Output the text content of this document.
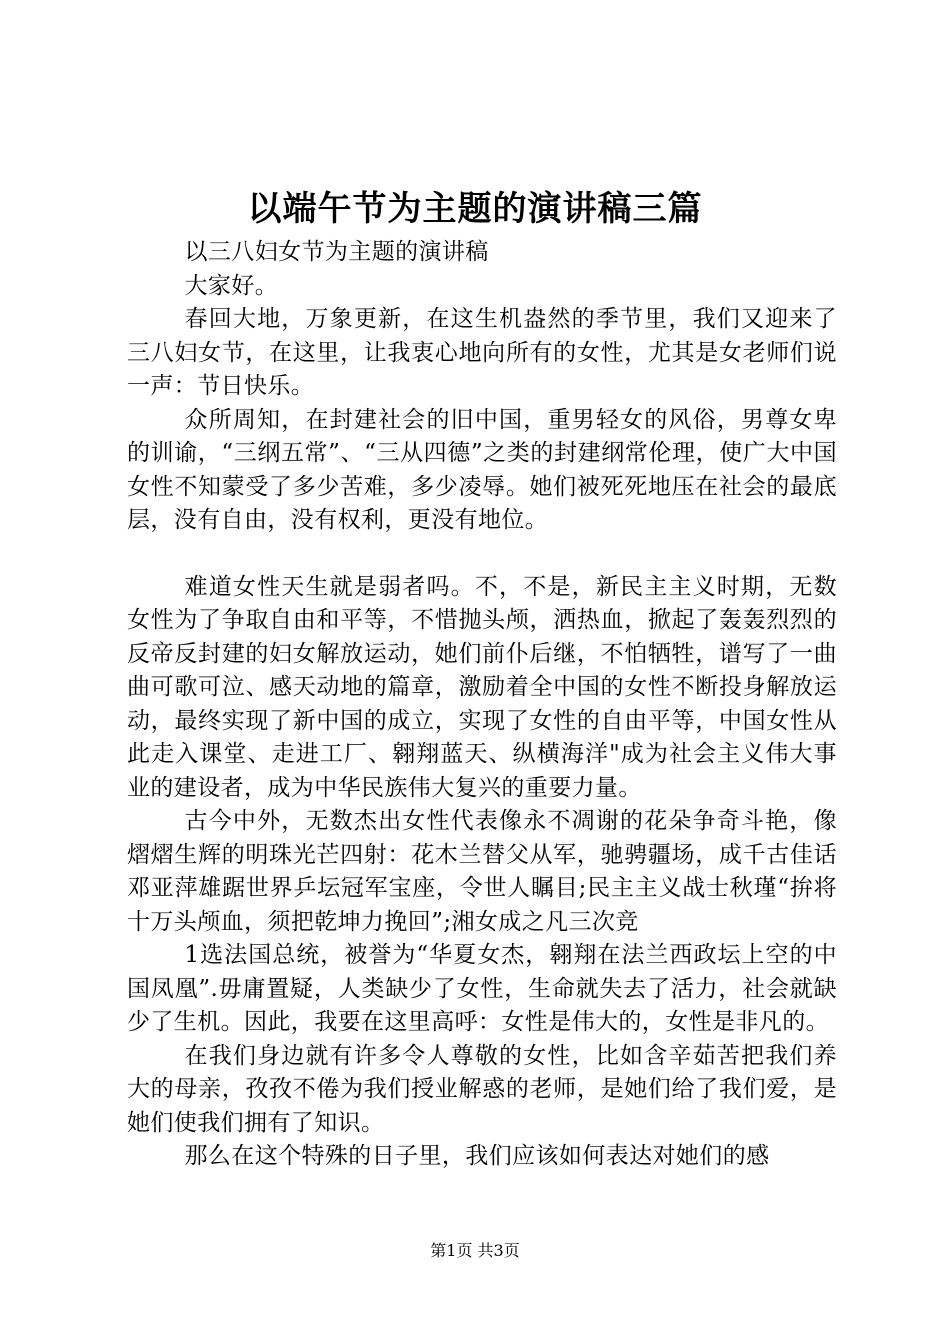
以端午节为主题的演讲稿三篇

以三八妇女节为主题的演讲稿

大家好。

春回大地，万象更新，在这生机盎然的季节里，我们又迎来了三八妇女节，在这里，让我衷心地向所有的女性，尤其是女老师们说一声：节日快乐。

众所周知，在封建社会的旧中国，重男轻女的风俗，男尊女卑的训谕，“三纲五常”、“三从四德”之类的封建纲常伦理，使广大中国女性不知蒙受了多少苦难，多少凌辱。她们被死死地压在社会的最底层，没有自由，没有权利，更没有地位。

难道女性天生就是弱者吗。不，不是，新民主主义时期，无数女性为了争取自由和平等，不惜抛头颅，洒热血，掀起了轰轰烈烈的反帝反封建的妇女解放运动，她们前仆后继，不怕牺牲，谱写了一曲曲可歌可泣、感天动地的篇章，激励着全中国的女性不断投身解放运动，最终实现了新中国的成立，实现了女性的自由平等，中国女性从此走入课堂、走进工厂、翱翔蓝天、纵横海洋"成为社会主义伟大事业的建设者，成为中华民族伟大复兴的重要力量。

古今中外，无数杰出女性代表像永不凋谢的花朵争奇斗艳，像熠熠生辉的明珠光芒四射：花木兰替父从军，驰骋疆场，成千古佳话邓亚萍雄踞世界乒坛冠军宝座，令世人瞩目;民主主义战士秋瑾“拚将十万头颅血，须把乾坤力挽回”;湘女成之凡三次竞

1选法国总统，被誉为“华夏女杰，翱翔在法兰西政坛上空的中国凤凰”.毋庸置疑，人类缺少了女性，生命就失去了活力，社会就缺少了生机。因此，我要在这里高呼：女性是伟大的，女性是非凡的。

在我们身边就有许多令人尊敬的女性，比如含辛茹苦把我们养大的母亲，孜孜不倦为我们授业解惑的老师，是她们给了我们爱，是她们使我们拥有了知识。

那么在这个特殊的日子里，我们应该如何表达对她们的感

第1页 共3页
